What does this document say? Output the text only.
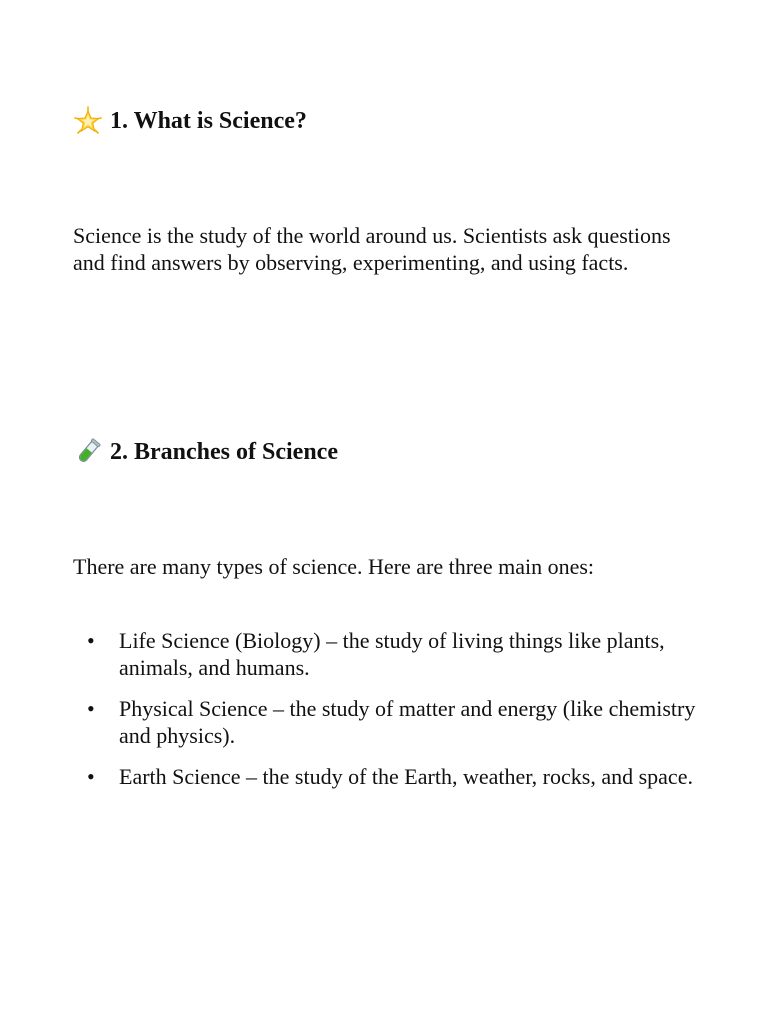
1. What is Science?

Science is the study of the world around us. Scientists ask questions and find answers by observing, experimenting, and using facts.

2. Branches of Science

There are many types of science. Here are three main ones:

• Life Science (Biology) – the study of living things like plants, animals, and humans.
• Physical Science – the study of matter and energy (like chemistry and physics).
• Earth Science – the study of the Earth, weather, rocks, and space.
